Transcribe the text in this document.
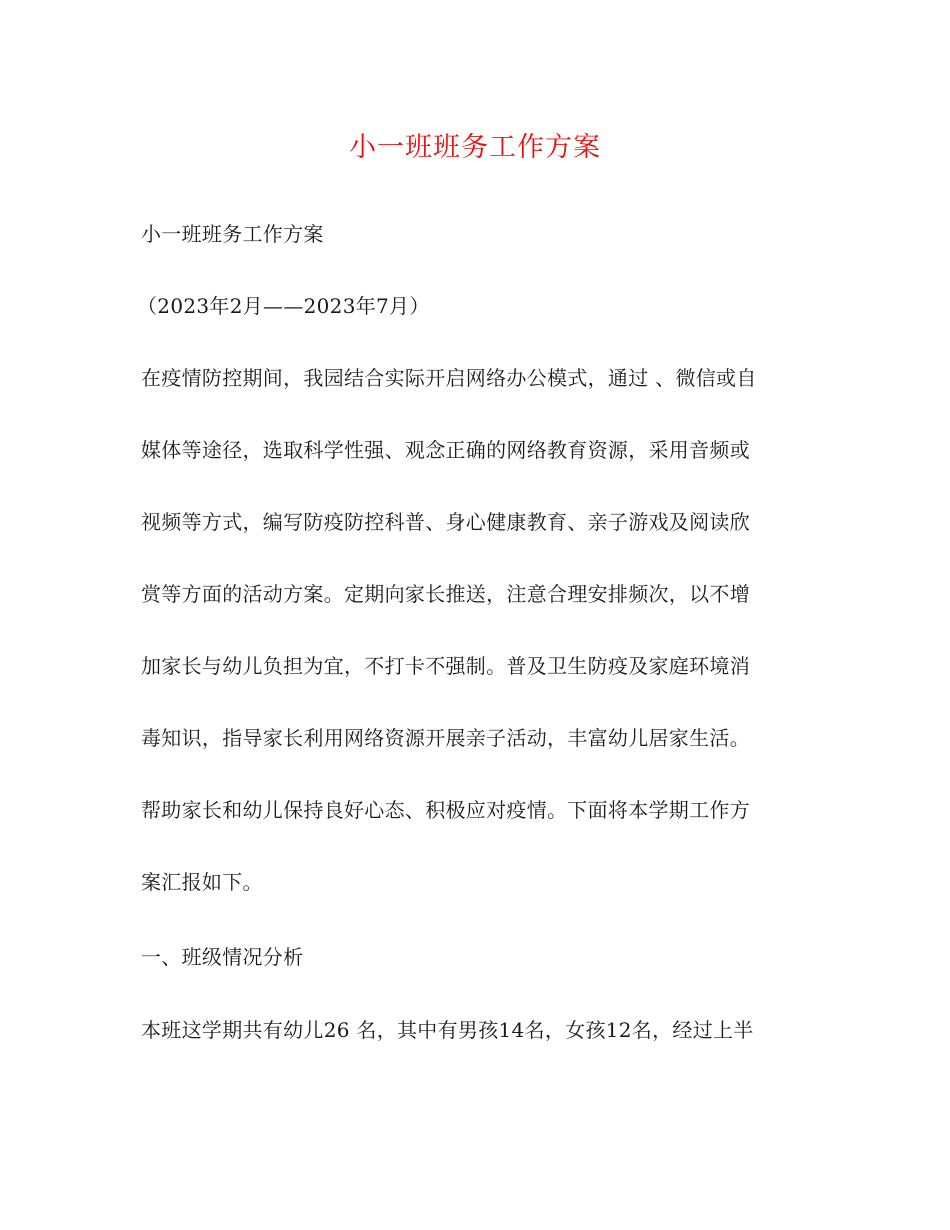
小一班班务工作方案
小一班班务工作方案
（2023年2月——2023年7月）
在疫情防控期间，我园结合实际开启网络办公模式，通过 、微信或自
媒体等途径，选取科学性强、观念正确的网络教育资源，采用音频或
视频等方式，编写防疫防控科普、身心健康教育、亲子游戏及阅读欣
赏等方面的活动方案。定期向家长推送，注意合理安排频次，以不增
加家长与幼儿负担为宜，不打卡不强制。普及卫生防疫及家庭环境消
毒知识，指导家长利用网络资源开展亲子活动，丰富幼儿居家生活。
帮助家长和幼儿保持良好心态、积极应对疫情。下面将本学期工作方
案汇报如下。
一、班级情况分析
本班这学期共有幼儿26 名，其中有男孩14名，女孩12名，经过上半
